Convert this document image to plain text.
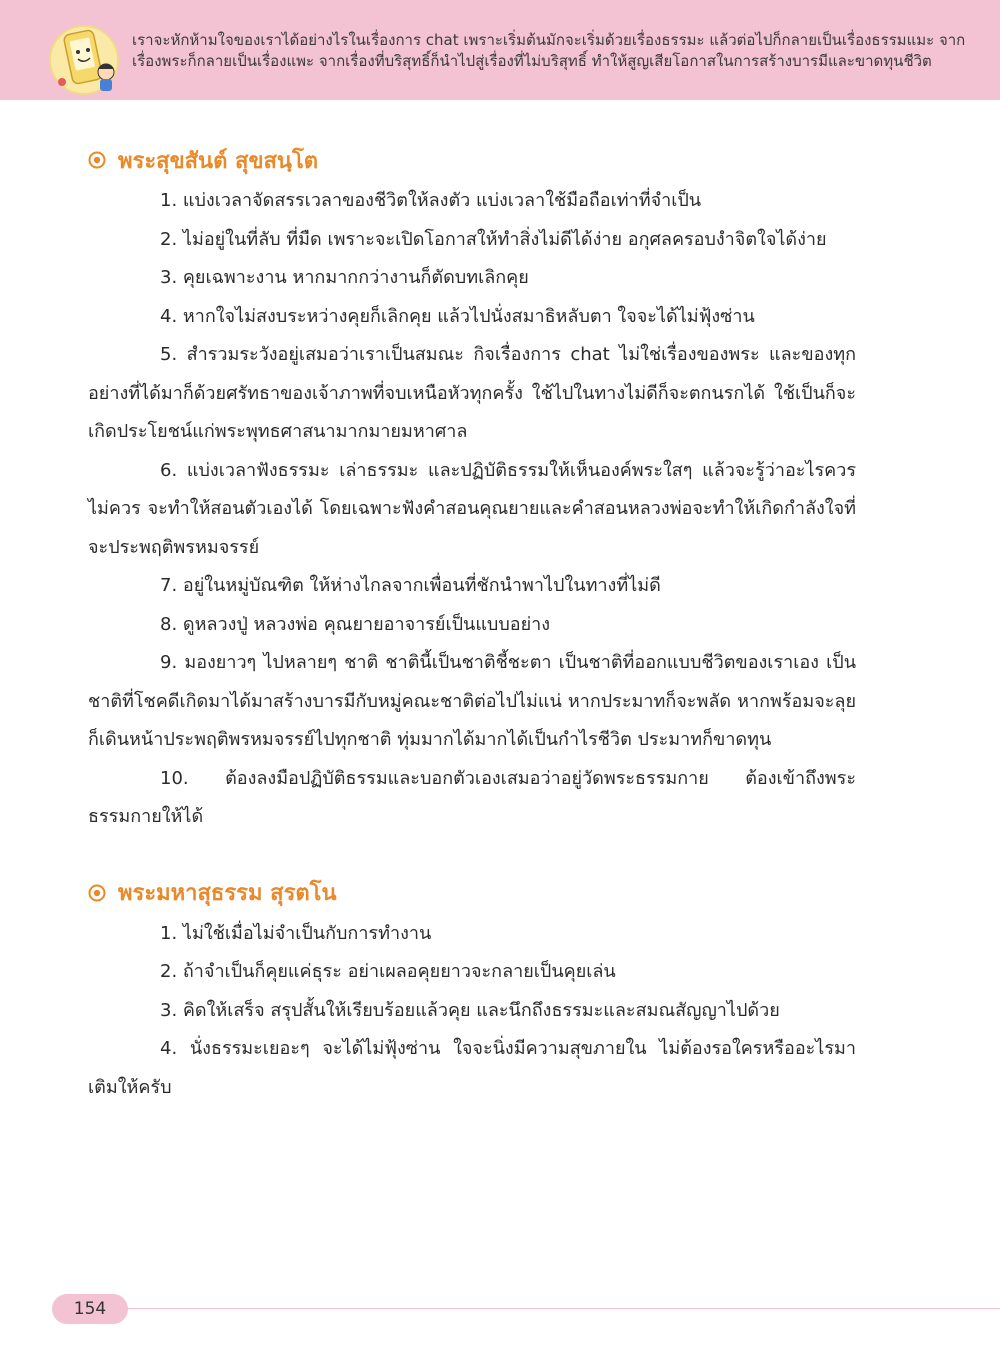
เราจะหักห้ามใจของเราได้อย่างไรในเรื่องการ chat เพราะเริ่มต้นมักจะเริ่มด้วยเรื่องธรรมะ แล้วต่อไปก็กลายเป็นเรื่องธรรมแมะ จากเรื่องพระก็กลายเป็นเรื่องแพะ จากเรื่องที่บริสุทธิ์ก็นำไปสู่เรื่องที่ไม่บริสุทธิ์ ทำให้สูญเสียโอกาสในการสร้างบารมีและขาดทุนชีวิต
พระสุขสันต์ สุขสนฺโต

1. แบ่งเวลาจัดสรรเวลาของชีวิตให้ลงตัว แบ่งเวลาใช้มือถือเท่าที่จำเป็น

2. ไม่อยู่ในที่ลับ ที่มืด เพราะจะเปิดโอกาสให้ทำสิ่งไม่ดีได้ง่าย อกุศลครอบงำจิตใจได้ง่าย

3. คุยเฉพาะงาน หากมากกว่างานก็ตัดบทเลิกคุย

4. หากใจไม่สงบระหว่างคุยก็เลิกคุย แล้วไปนั่งสมาธิหลับตา ใจจะได้ไม่ฟุ้งซ่าน

5. สำรวมระวังอยู่เสมอว่าเราเป็นสมณะ กิจเรื่องการ chat ไม่ใช่เรื่องของพระ และของทุกอย่างที่ได้มาก็ด้วยศรัทธาของเจ้าภาพที่จบเหนือหัวทุกครั้ง ใช้ไปในทางไม่ดีก็จะตกนรกได้ ใช้เป็นก็จะเกิดประโยชน์แก่พระพุทธศาสนามากมายมหาศาล

6. แบ่งเวลาฟังธรรมะ เล่าธรรมะ และปฏิบัติธรรมให้เห็นองค์พระใสๆ แล้วจะรู้ว่าอะไรควรไม่ควร จะทำให้สอนตัวเองได้ โดยเฉพาะฟังคำสอนคุณยายและคำสอนหลวงพ่อจะทำให้เกิดกำลังใจที่จะประพฤติพรหมจรรย์

7. อยู่ในหมู่บัณฑิต ให้ห่างไกลจากเพื่อนที่ชักนำพาไปในทางที่ไม่ดี

8. ดูหลวงปู่ หลวงพ่อ คุณยายอาจารย์เป็นแบบอย่าง

9. มองยาวๆ ไปหลายๆ ชาติ ชาตินี้เป็นชาติชี้ชะตา เป็นชาติที่ออกแบบชีวิตของเราเอง เป็นชาติที่โชคดีเกิดมาได้มาสร้างบารมีกับหมู่คณะชาติต่อไปไม่แน่ หากประมาทก็จะพลัด หากพร้อมจะลุยก็เดินหน้าประพฤติพรหมจรรย์ไปทุกชาติ ทุ่มมากได้มากได้เป็นกำไรชีวิต ประมาทก็ขาดทุน

10. ต้องลงมือปฏิบัติธรรมและบอกตัวเองเสมอว่าอยู่วัดพระธรรมกาย ต้องเข้าถึงพระธรรมกายให้ได้

พระมหาสุธรรม สุรตโน

1. ไม่ใช้เมื่อไม่จำเป็นกับการทำงาน

2. ถ้าจำเป็นก็คุยแค่ธุระ อย่าเผลอคุยยาวจะกลายเป็นคุยเล่น

3. คิดให้เสร็จ สรุปสั้นให้เรียบร้อยแล้วคุย และนึกถึงธรรมะและสมณสัญญาไปด้วย

4. นั่งธรรมะเยอะๆ จะได้ไม่ฟุ้งซ่าน ใจจะนิ่งมีความสุขภายใน ไม่ต้องรอใครหรืออะไรมาเติมให้ครับ

154
